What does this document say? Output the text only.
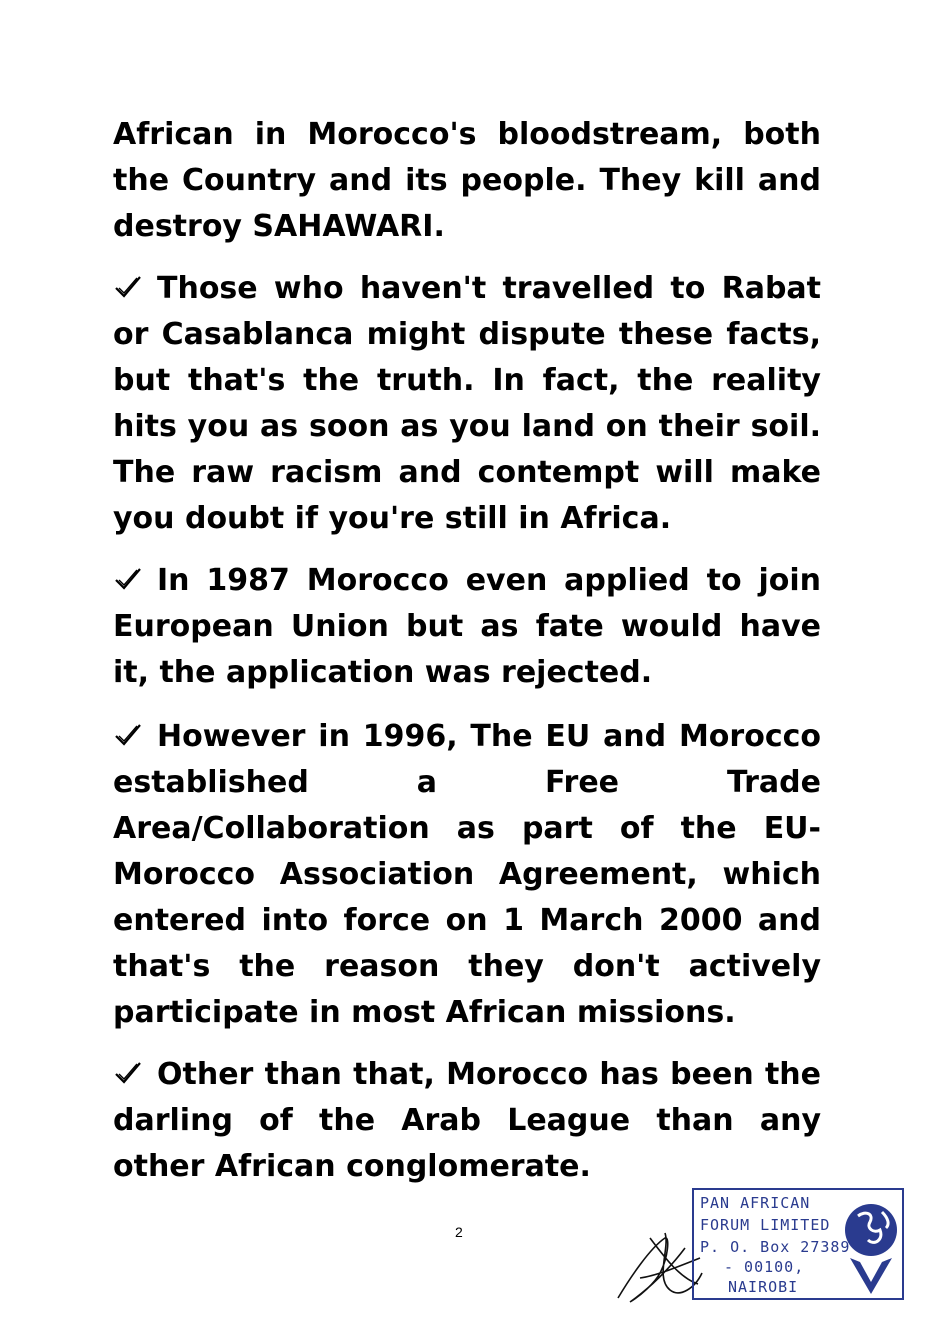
African in Morocco's bloodstream, both the Country and its people. They kill and destroy SAHAWARI.

Those who haven't travelled to Rabat or Casablanca might dispute these facts, but that's the truth. In fact, the reality hits you as soon as you land on their soil. The raw racism and contempt will make you doubt if you're still in Africa.

In 1987 Morocco even applied to join European Union but as fate would have it, the application was rejected.

However in 1996, The EU and Morocco established a Free Trade Area/Collaboration as part of the EU-Morocco Association Agreement, which entered into force on 1 March 2000 and that's the reason they don't actively participate in most African missions.

Other than that, Morocco has been the darling of the Arab League than any other African conglomerate.

2
PAN AFRICAN
FORUM LIMITED
P. O. Box 27389
- 00100,
NAIROBI
